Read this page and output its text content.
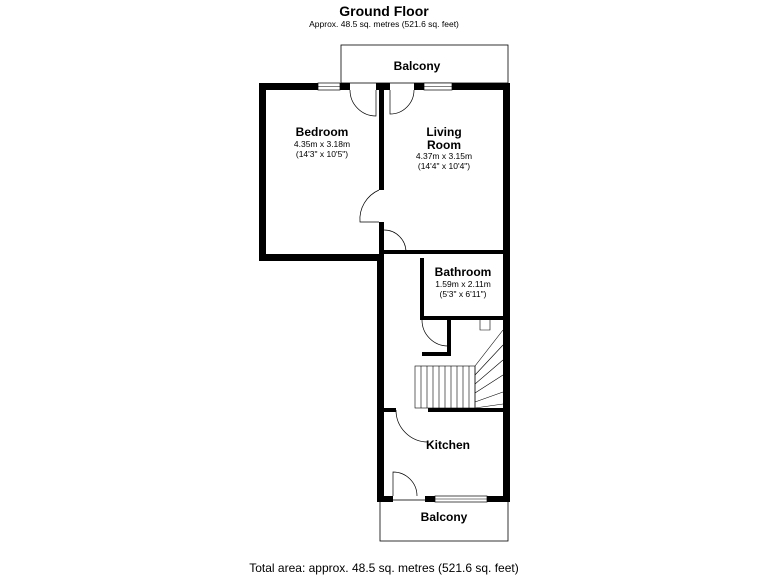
Ground Floor
Approx. 48.5 sq. metres (521.6 sq. feet)
Bedroom
4.35m x 3.18m
(14'3" x 10'5")
Living
Room
4.37m x 3.15m
(14'4" x 10'4")
Bathroom
1.59m x 2.11m
(5'3" x 6'11")
Kitchen
Balcony
Balcony
Total area: approx. 48.5 sq. metres (521.6 sq. feet)
